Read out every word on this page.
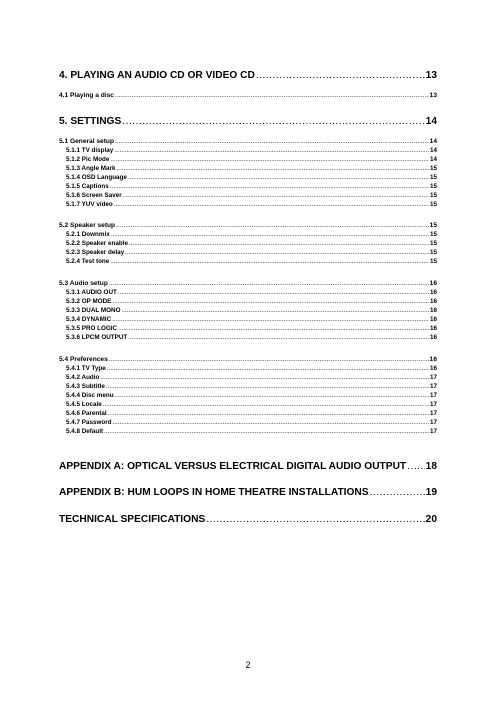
4. PLAYING AN AUDIO CD OR VIDEO CD .....	13
4.1 Playing a disc .....	13
5. SETTINGS .....	14
5.1 General setup .....	14
5.1.1 TV display .....	14
5.1.2 Pic Mode .....	14
5.1.3 Angle Mark .....	15
5.1.4 OSD Language .....	15
5.1.5 Captions .....	15
5.1.6 Screen Saver .....	15
5.1.7 YUV video .....	15
5.2 Speaker setup .....	15
5.2.1 Downmix .....	15
5.2.2 Speaker enable .....	15
5.2.3 Speaker delay .....	15
5.2.4 Test tone .....	15
5.3 Audio setup .....	16
5.3.1 AUDIO OUT .....	16
5.3.2 OP MODE .....	16
5.3.3 DUAL MONO .....	16
5.3.4 DYNAMIC .....	16
5.3.5 PRO LOGIC .....	16
5.3.6 LPCM OUTPUT .....	16
5.4 Preferences .....	16
5.4.1 TV Type .....	16
5.4.2 Audio .....	17
5.4.3 Subtitle .....	17
5.4.4 Disc menu .....	17
5.4.5 Locale .....	17
5.4.6 Parental .....	17
5.4.7 Password .....	17
5.4.8 Default .....	17
APPENDIX A: OPTICAL VERSUS ELECTRICAL DIGITAL AUDIO OUTPUT ..... 18
APPENDIX B: HUM LOOPS IN HOME THEATRE INSTALLATIONS .....	19
TECHNICAL SPECIFICATIONS .....	20
2
